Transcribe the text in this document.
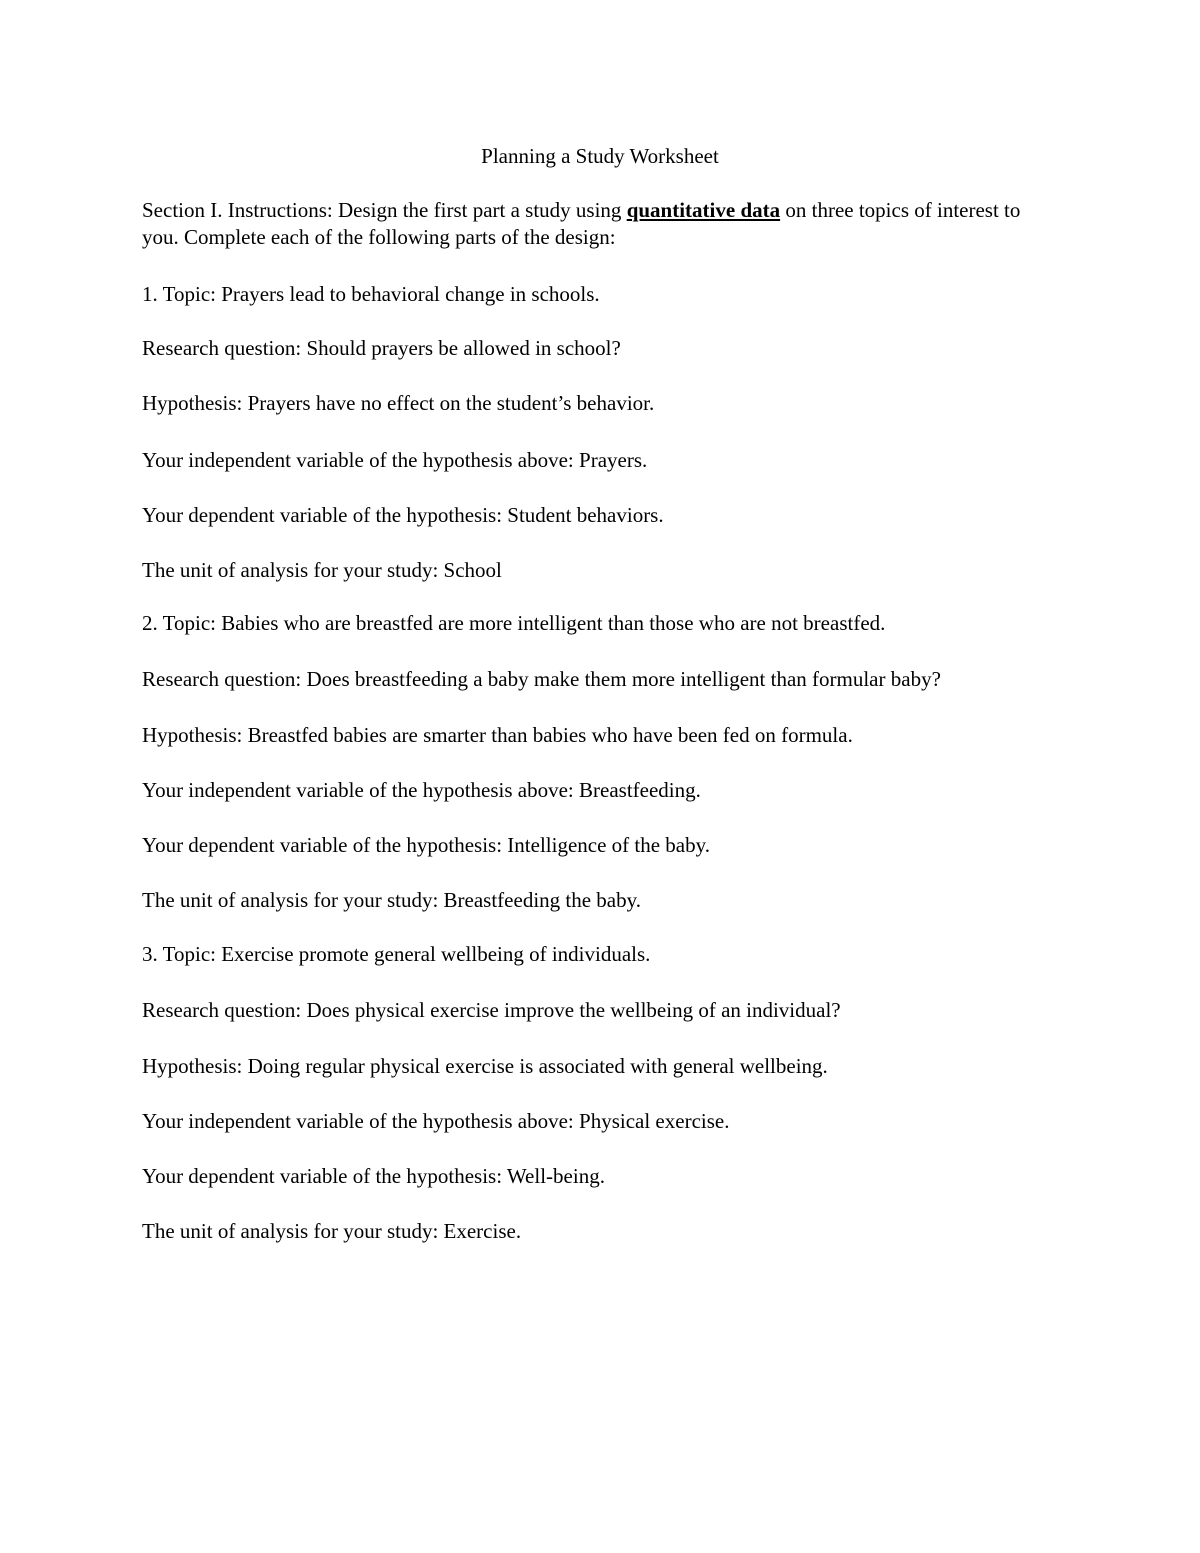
Planning a Study Worksheet
Section I. Instructions: Design the first part a study using quantitative data on three topics of interest to you. Complete each of the following parts of the design:
1. Topic: Prayers lead to behavioral change in schools.
Research question: Should prayers be allowed in school?
Hypothesis: Prayers have no effect on the student’s behavior.
Your independent variable of the hypothesis above: Prayers.
Your dependent variable of the hypothesis: Student behaviors.
The unit of analysis for your study: School
2. Topic: Babies who are breastfed are more intelligent than those who are not breastfed.
Research question: Does breastfeeding a baby make them more intelligent than formular baby?
Hypothesis: Breastfed babies are smarter than babies who have been fed on formula.
Your independent variable of the hypothesis above: Breastfeeding.
Your dependent variable of the hypothesis: Intelligence of the baby.
The unit of analysis for your study: Breastfeeding the baby.
3. Topic: Exercise promote general wellbeing of individuals.
Research question: Does physical exercise improve the wellbeing of an individual?
Hypothesis: Doing regular physical exercise is associated with general wellbeing.
Your independent variable of the hypothesis above: Physical exercise.
Your dependent variable of the hypothesis: Well-being.
The unit of analysis for your study: Exercise.
